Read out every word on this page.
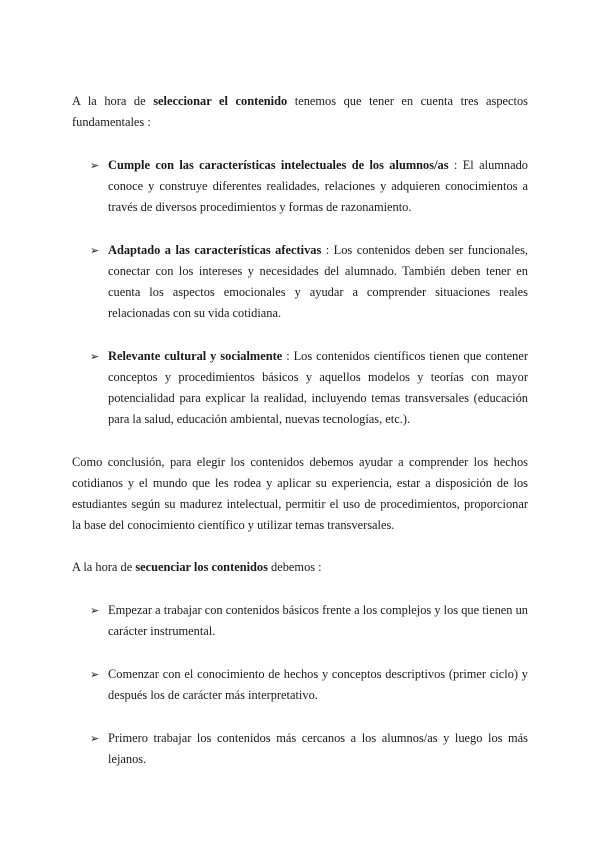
A la hora de seleccionar el contenido tenemos que tener en cuenta tres aspectos fundamentales :

➢ Cumple con las características intelectuales de los alumnos/as : El alumnado conoce y construye diferentes realidades, relaciones y adquieren conocimientos a través de diversos procedimientos y formas de razonamiento.
➢ Adaptado a las características afectivas : Los contenidos deben ser funcionales, conectar con los intereses y necesidades del alumnado. También deben tener en cuenta los aspectos emocionales y ayudar a comprender situaciones reales relacionadas con su vida cotidiana.
➢ Relevante cultural y socialmente : Los contenidos científicos tienen que contener conceptos y procedimientos básicos y aquellos modelos y teorías con mayor potencialidad para explicar la realidad, incluyendo temas transversales (educación para la salud, educación ambiental, nuevas tecnologías, etc.).

Como conclusión, para elegir los contenidos debemos ayudar a comprender los hechos cotidianos y el mundo que les rodea y aplicar su experiencia, estar a disposición de los estudiantes según su madurez intelectual, permitir el uso de procedimientos, proporcionar la base del conocimiento científico y utilizar temas transversales.

A la hora de secuenciar los contenidos debemos :

➢ Empezar a trabajar con contenidos básicos frente a los complejos y los que tienen un carácter instrumental.
➢ Comenzar con el conocimiento de hechos y conceptos descriptivos (primer ciclo) y después los de carácter más interpretativo.
➢ Primero trabajar los contenidos más cercanos a los alumnos/as y luego los más lejanos.
